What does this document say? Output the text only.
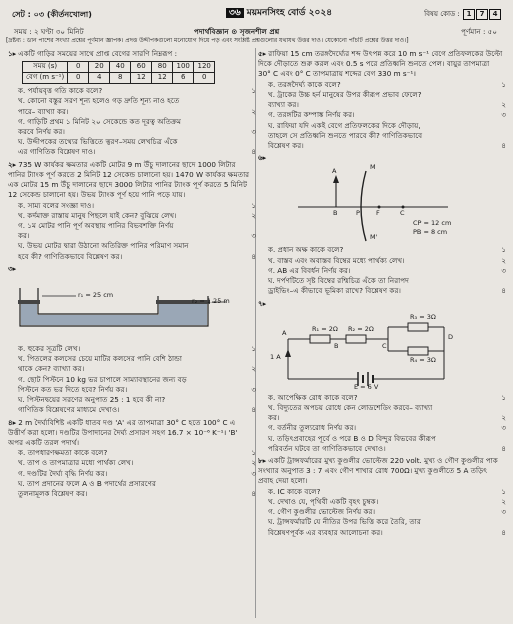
সেট : ০৩ (কীর্তনখোলা)	৩৬ ময়মনসিংহ বোর্ড ২০২৪	বিষয় কোড : 1 7 4
সময় : ২ ঘণ্টা ৩০ মিনিট	পদার্থবিজ্ঞান ⊙ সৃজনশীল প্রশ্ন	পূর্ণমান : ৫০
[দ্রষ্টব্য : ডান পাশের সংখ্যা প্রশ্নের পূর্ণমান জ্ঞাপক। প্রদত্ত উদ্দীপকগুলো মনোযোগ দিয়ে পড় এবং সংশ্লিষ্ট প্রশ্নগুলোর যথাযথ উত্তর দাও। যেকোনো পাঁচটি প্রশ্নের উত্তর দাও।]
১▸ একটি গাড়ির সময়ের সাথে প্রাপ্ত বেগের সারণি নিম্নরূপ :
সময় (s)	0	20	40	60	80	100	120
বেগ (m s⁻¹)	0	4	8	12	12	6	0
ক. পর্যায়বৃত্ত গতি কাকে বলে?	১
খ. কোনো বস্তুর সরণ শূন্য হলেও গড় দ্রুতি শূন্য নাও হতে
পারে– ব্যাখ্যা কর।	২
গ. গাড়িটি প্রথম ১ মিনিট ২০ সেকেন্ডে কত দূরত্ব অতিক্রম
করবে নির্ণয় কর।	৩
ঘ. উদ্দীপকের তথ্যের ভিত্তিতে ত্বরণ–সময় লেখচিত্র এঁকে
এর গাণিতিক বিশ্লেষণ দাও।	৪
২▸ 735 W কার্যকর ক্ষমতার একটি মোটর 9 m উঁচু দালানের ছাদে 1000 লিটার পানির ট্যাংক পূর্ণ করতে 2 মিনিট 12 সেকেন্ড চালানো হয়। 1470 W কার্যকর ক্ষমতার এক মোটর 15 m উঁচু দালানের ছাদে 3000 লিটার পানির ট্যাংক পূর্ণ করতে 5 মিনিট 12 সেকেন্ড চালানো হয়। উভয় ট্যাংক পূর্ণ হয়ে পানি পড়ে যায়।
ক. সাম্য বলের সংজ্ঞা দাও।	১
খ. কর্দমাক্ত রাস্তায় মানুষ পিছলে যাই কেন? বুঝিয়ে লেখ।	২
গ. ১ম মোটর পানি পূর্ণ অবস্থায় পানির বিভবশক্তি নির্ণয়
কর।	৩
ঘ. উভয় মোটর দ্বারা উঠানো অতিরিক্ত পানির পরিমাণ সমান
হবে কী? গাণিতিকভাবে বিশ্লেষণ কর।	৪
৩▸
r₁ = 25 cm
r₂ = 1.25 m
ক. হুকের সূত্রটি লেখ।	১
খ. পিতলের কলসের চেয়ে মাটির কলসের পানি বেশি ঠান্ডা
থাকে কেন? ব্যাখ্যা কর।	২
গ. ছোট পিস্টনে 10 kg ভর চাপালে সাম্যাবস্থানের জন্য বড়
পিস্টনে কত ভর দিতে হবে? নির্ণয় কর।	৩
ঘ. পিস্টনদ্বয়ের সরণের অনুপাত 25 : 1 হবে কী না?
গাণিতিক বিশ্লেষণের মাধ্যমে দেখাও।	৪
৪▸ 2 m দৈর্ঘ্যবিশিষ্ট একটি ধাতব দণ্ড 'A' এর তাপমাত্রা 30° C হতে 100° C এ উত্তীর্ণ করা হলো। দণ্ডটির উপাদানের দৈর্ঘ্য প্রসারণ সহগ 16.7 × 10⁻⁶ K⁻¹। 'B' অপর একটি তরল পদার্থ।
ক. তাপধারণক্ষমতা কাকে বলে?	১
খ. তাপ ও তাপমাত্রার মধ্যে পার্থক্য লেখ।	২
গ. দণ্ডটির দৈর্ঘ্য বৃদ্ধি নির্ণয় কর।	৩
ঘ. তাপ প্রদানের ফলে A ও B পদার্থের প্রসারণের
তুলনামূলক বিশ্লেষণ কর।	৪
৫▸ রাফিয়া 15 cm তরঙ্গদৈর্ঘ্যের শব্দ উৎপন্ন করে 10 m s⁻¹ বেগে প্রতিফলকের উল্টো দিকে দৌড়াতে শুরু করল এবং 0.5 s পরে প্রতিধ্বনি শুনতে পেল। বায়ুর তাপমাত্রা 30° C এবং 0° C তাপমাত্রায় শব্দের বেগ 330 m s⁻¹।
ক. তরঙ্গদৈর্ঘ্য কাকে বলে?	১
খ. ট্রাকের উচ্চ হর্ন মানুষের উপর কীরূপ প্রভাব ফেলে?
ব্যাখ্যা কর।	২
গ. তরঙ্গটির কম্পাঙ্ক নির্ণয় কর।	৩
ঘ. রাফিয়া যদি একই বেগে প্রতিফলকের দিকে দৌড়ায়,
তাহলে সে প্রতিধ্বনি শুনতে পারবে কী? গাণিতিকভাবে
বিশ্লেষণ কর।	৪
৬▸
A
B	P F	C
M
M'
CP = 12 cm
PB = 8 cm
ক. প্রধান অক্ষ কাকে বলে?	১
খ. বাস্তব এবং অবাস্তব বিম্বের মধ্যে পার্থক্য লেখ।	২
গ. AB এর বিবর্ধন নির্ণয় কর।	৩
ঘ. দর্পণটিতে সৃষ্ট বিম্বের রশ্মিচিত্র এঁকে তা নিরাপদ
ড্রাইভিং–এ কীভাবে ভূমিকা রাখে? বিশ্লেষণ কর।	৪
৭▸
R₁ = 2Ω R₂ = 2Ω
R₃ = 3Ω
R₄ = 3Ω
1 A
E = 6 V
A
B	C
D
ক. আপেক্ষিক রোধ কাকে বলে?	১
খ. বিদ্যুতের অপচয় রোধে কেন লোডশেডিং করবে– ব্যাখ্যা
কর।	২
গ. বর্তনীর তুল্যরোধ নির্ণয় কর।	৩
ঘ. তড়িৎপ্রবাহের পূর্বে ও পরে B ও D বিন্দুর বিভবের কীরূপ
পরিবর্তন ঘটবে তা গাণিতিকভাবে দেখাও।	৪
৮▸ একটি ট্রান্সফর্মারের মুখ্য কুণ্ডলীর ভোল্টেজ 220 volt. মুখ্য ও গৌণ কুণ্ডলীর পাক সংখ্যার অনুপাত 3 : 7 এবং গৌণ শাখার রোধ 700Ω। মুখ্য কুণ্ডলীতে 5 A তড়িৎ প্রবাহ দেয়া হলো।
ক. IC কাকে বলে?	১
খ. দেখাও যে, পৃথিবী একটি বৃহৎ চুম্বক।	২
গ. গৌণ কুণ্ডলীর ভোল্টেজ নির্ণয় কর।	৩
ঘ. ট্রান্সফর্মারটি যে নীতির উপর ভিত্তি করে তৈরি, তার
বিশ্লেষণপূর্বক এর ব্যবহার আলোচনা কর।	৪
